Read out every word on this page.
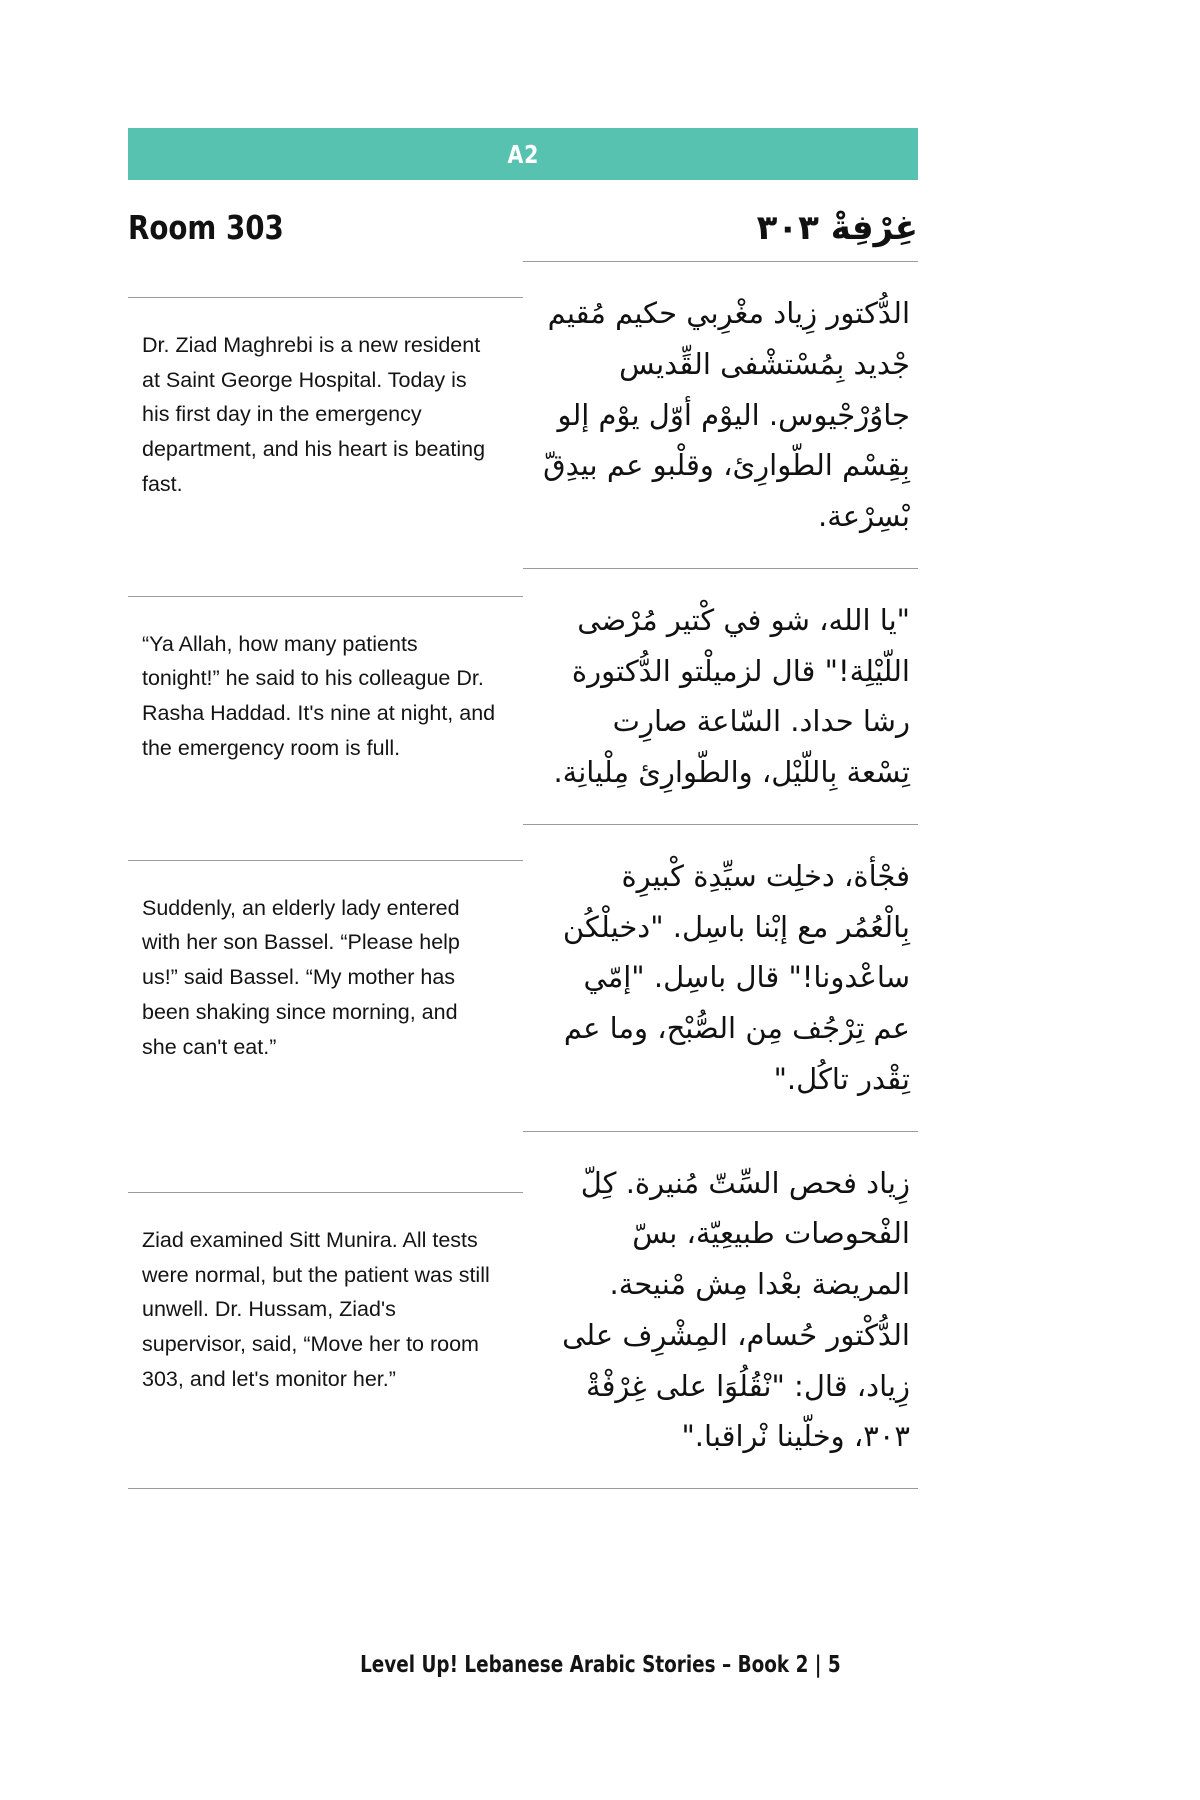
A2
Room 303	غِرْفِةْ ٣٠٣
Dr. Ziad Maghrebi is a new resident at Saint George Hospital. Today is his first day in the emergency department, and his heart is beating fast.
الدُّكتور زِياد مغْرِبي حكيم مُقيم جْديد بِمُسْتشْفى القِّديس جاوُرْجْيوس. اليوْم أوّل يوْم إلو بِقِسْم الطّوارِئ، وقلْبو عم بيدِقّ بْسِرْعة.
“Ya Allah, how many patients tonight!” he said to his colleague Dr. Rasha Haddad. It's nine at night, and the emergency room is full.
"يا الله، شو في كْتير مُرْضى اللّيْلِة!" قال لزميلْتو الدُّكتورة رشا حداد. السّاعة صارِت تِسْعة بِاللّيْل، والطّوارِئ مِلْيانِة.
Suddenly, an elderly lady entered with her son Bassel. “Please help us!” said Bassel. “My mother has been shaking since morning, and she can't eat.”
فجْأة، دخلِت سيِّدِة كْبيرِة بِالْعُمُر مع إبْنا باسِل. "دخيلْكُن ساعْدونا!" قال باسِل. "إمّي عم تِرْجُف مِن الصُّبْح، وما عم تِقْدر تاكُل."
Ziad examined Sitt Munira. All tests were normal, but the patient was still unwell. Dr. Hussam, Ziad's supervisor, said, “Move her to room 303, and let's monitor her.”
زِياد فحص السِّتّ مُنيرة. كِلّ الفْحوصات طبيعِيّة، بسّ المريضة بعْدا مِش مْنيحة. الدُّكْتور حُسام، المِشْرِف على زِياد، قال: "نْقُلُوَا على غِرْفْةْ ٣٠٣، وخلّينا نْراقبا."
Level Up! Lebanese Arabic Stories – Book 2 | 5
